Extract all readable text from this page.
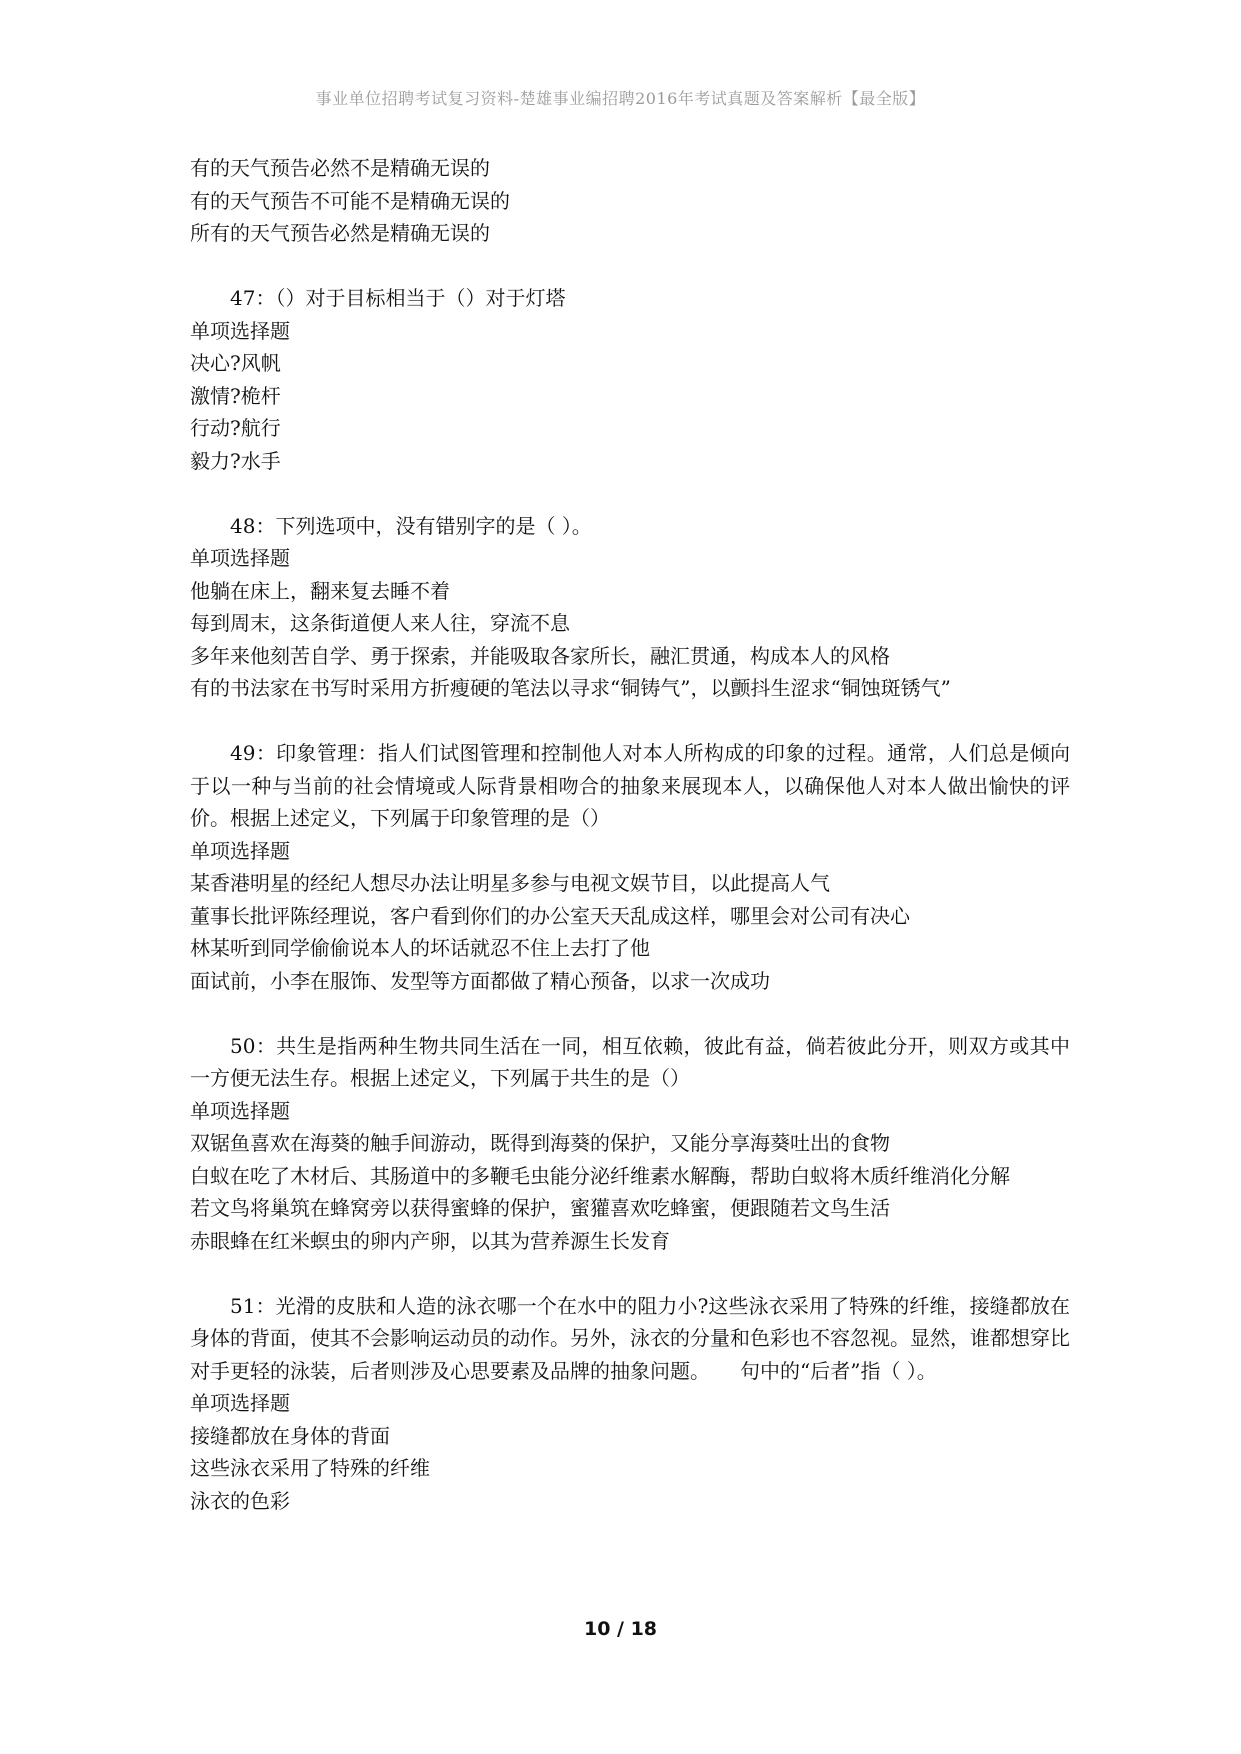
事业单位招聘考试复习资料-楚雄事业编招聘2016年考试真题及答案解析【最全版】
有的天气预告必然不是精确无误的
有的天气预告不可能不是精确无误的
所有的天气预告必然是精确无误的
47：（）对于目标相当于（）对于灯塔
单项选择题
决心?风帆
激情?桅杆
行动?航行
毅力?水手
48：下列选项中，没有错别字的是（ ）。
单项选择题
他躺在床上，翻来复去睡不着
每到周末，这条街道便人来人往，穿流不息
多年来他刻苦自学、勇于探索，并能吸取各家所长，融汇贯通，构成本人的风格
有的书法家在书写时采用方折瘦硬的笔法以寻求“铜铸气”，以颤抖生涩求“铜蚀斑锈气”
49：印象管理：指人们试图管理和控制他人对本人所构成的印象的过程。通常，人们总是倾向于以一种与当前的社会情境或人际背景相吻合的抽象来展现本人，以确保他人对本人做出愉快的评价。根据上述定义，下列属于印象管理的是（）
单项选择题
某香港明星的经纪人想尽办法让明星多参与电视文娱节目，以此提高人气
董事长批评陈经理说，客户看到你们的办公室天天乱成这样，哪里会对公司有决心
林某听到同学偷偷说本人的坏话就忍不住上去打了他
面试前，小李在服饰、发型等方面都做了精心预备，以求一次成功
50：共生是指两种生物共同生活在一同，相互依赖，彼此有益，倘若彼此分开，则双方或其中一方便无法生存。根据上述定义，下列属于共生的是（）
单项选择题
双锯鱼喜欢在海葵的触手间游动，既得到海葵的保护，又能分享海葵吐出的食物
白蚁在吃了木材后、其肠道中的多鞭毛虫能分泌纤维素水解酶，帮助白蚁将木质纤维消化分解
若文鸟将巢筑在蜂窝旁以获得蜜蜂的保护，蜜獾喜欢吃蜂蜜，便跟随若文鸟生活
赤眼蜂在红米螟虫的卵内产卵，以其为营养源生长发育
51：光滑的皮肤和人造的泳衣哪一个在水中的阻力小?这些泳衣采用了特殊的纤维，接缝都放在身体的背面，使其不会影响运动员的动作。另外，泳衣的分量和色彩也不容忽视。显然，谁都想穿比对手更轻的泳装，后者则涉及心思要素及品牌的抽象问题。　　句中的“后者”指（ ）。
单项选择题
接缝都放在身体的背面
这些泳衣采用了特殊的纤维
泳衣的色彩
10 / 18
